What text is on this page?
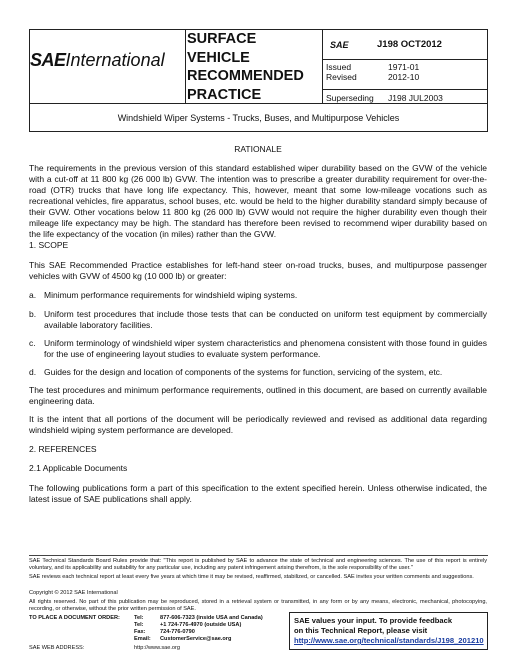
SAEInternational
SURFACE
VEHICLE
RECOMMENDED
PRACTICE
SAE	J198 OCT2012
Issued	1971-01
Revised	2012-10
Superseding J198 JUL2003
Windshield Wiper Systems - Trucks, Buses, and Multipurpose Vehicles
RATIONALE
The requirements in the previous version of this standard established wiper durability based on the GVW of the vehicle with a cut-off at 11 800 kg (26 000 lb) GVW. The intention was to prescribe a greater durability requirement for over-the-road (OTR) trucks that have long life expectancy. This, however, meant that some low-mileage vocations such as recreational vehicles, fire apparatus, school buses, etc. would be held to the higher durability standard simply because of their GVW. Other vocations below 11 800 kg (26 000 lb) GVW would not require the higher durability even though their mileage life expectancy may be high. The standard has therefore been revised to recommend wiper durability based on the life expectancy of the vocation (in miles) rather than the GVW.
1. SCOPE
This SAE Recommended Practice establishes for left-hand steer on-road trucks, buses, and multipurpose passenger vehicles with GVW of 4500 kg (10 000 lb) or greater:
a. Minimum performance requirements for windshield wiping systems.
b. Uniform test procedures that include those tests that can be conducted on uniform test equipment by commercially available laboratory facilities.
c. Uniform terminology of windshield wiper system characteristics and phenomena consistent with those found in guides for the use of engineering layout studies to evaluate system performance.
d. Guides for the design and location of components of the systems for function, servicing of the system, etc.
The test procedures and minimum performance requirements, outlined in this document, are based on currently available engineering data.
It is the intent that all portions of the document will be periodically reviewed and revised as additional data regarding windshield wiping system performance are developed.
2. REFERENCES
2.1 Applicable Documents
The following publications form a part of this specification to the extent specified herein. Unless otherwise indicated, the latest issue of SAE publications shall apply.
SAE Technical Standards Board Rules provide that: "This report is published by SAE to advance the state of technical and engineering sciences. The use of this report is entirely voluntary, and its applicability and suitability for any particular use, including any patent infringement arising therefrom, is the sole responsibility of the user."
SAE reviews each technical report at least every five years at which time it may be revised, reaffirmed, stabilized, or cancelled. SAE invites your written comments and suggestions.
Copyright © 2012 SAE International
All rights reserved. No part of this publication may be reproduced, stored in a retrieval system or transmitted, in any form or by any means, electronic, mechanical, photocopying, recording, or otherwise, without the prior written permission of SAE.
TO PLACE A DOCUMENT ORDER:	Tel:	877-606-7323 (inside USA and Canada)
Tel:	+1 724-776-4970 (outside USA)
Fax:	724-776-0790
Email: CustomerService@sae.org
SAE WEB ADDRESS:	http://www.sae.org
SAE values your input. To provide feedback
on this Technical Report, please visit
http://www.sae.org/technical/standards/J198_201210
